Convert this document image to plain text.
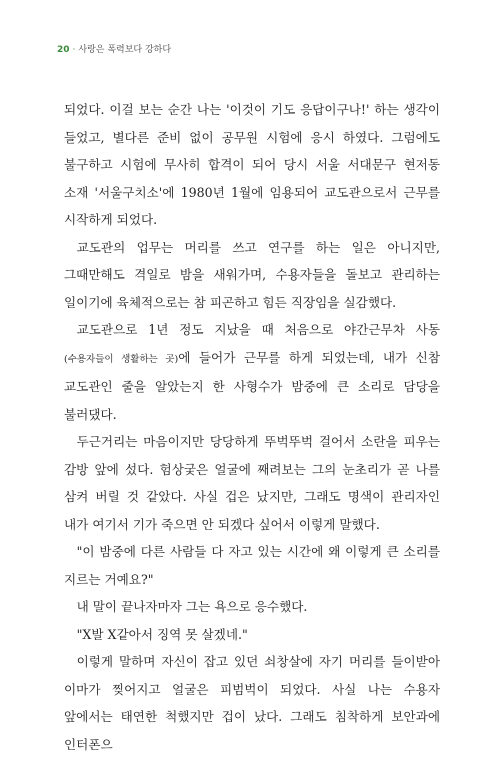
20 · 사랑은 폭력보다 강하다

되었다. 이걸 보는 순간 나는 '이것이 기도 응답이구나!' 하는 생각이 들었고, 별다른 준비 없이 공무원 시험에 응시 하였다. 그럼에도 불구하고 시험에 무사히 합격이 되어 당시 서울 서대문구 현저동 소재 '서울구치소'에 1980년 1월에 임용되어 교도관으로서 근무를 시작하게 되었다.

교도관의 업무는 머리를 쓰고 연구를 하는 일은 아니지만, 그때만해도 격일로 밤을 새워가며, 수용자들을 돌보고 관리하는 일이기에 육체적으로는 참 피곤하고 힘든 직장임을 실감했다.

교도관으로 1년 정도 지났을 때 처음으로 야간근무차 사동(수용자들이 생활하는 곳)에 들어가 근무를 하게 되었는데, 내가 신참 교도관인 줄을 알았는지 한 사형수가 밤중에 큰 소리로 담당을 불러댔다.

두근거리는 마음이지만 당당하게 뚜벅뚜벅 걸어서 소란을 피우는 감방 앞에 섰다. 험상궂은 얼굴에 째려보는 그의 눈초리가 곧 나를 삼켜 버릴 것 같았다. 사실 겁은 났지만, 그래도 명색이 관리자인 내가 여기서 기가 죽으면 안 되겠다 싶어서 이렇게 말했다.

"이 밤중에 다른 사람들 다 자고 있는 시간에 왜 이렇게 큰 소리를 지르는 거예요?"

내 말이 끝나자마자 그는 욕으로 응수했다.

"X발 X같아서 징역 못 살겠네."

이렇게 말하며 자신이 잡고 있던 쇠창살에 자기 머리를 들이받아 이마가 찢어지고 얼굴은 피범벅이 되었다. 사실 나는 수용자 앞에서는 태연한 척했지만 겁이 났다. 그래도 침착하게 보안과에 인터폰으
